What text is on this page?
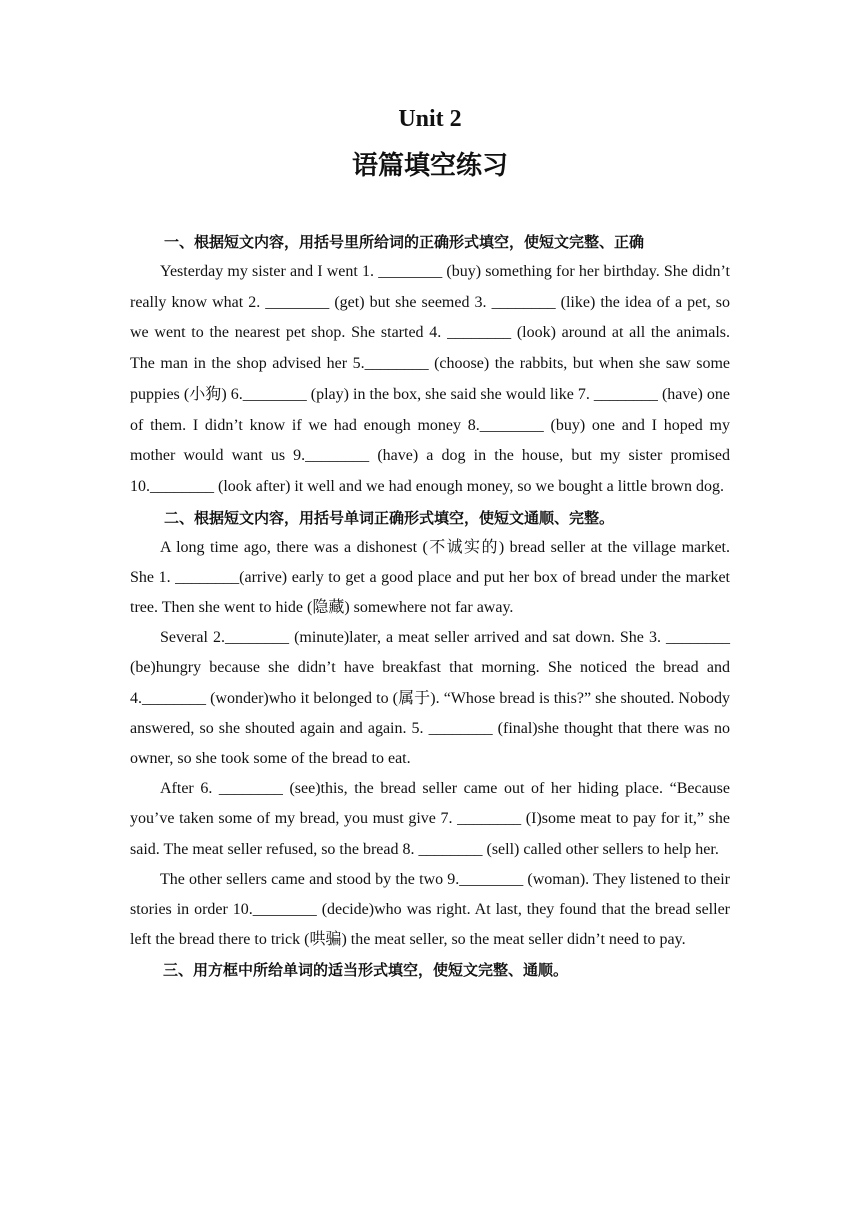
Unit 2
语篇填空练习

一、根据短文内容，用括号里所给词的正确形式填空，使短文完整、正确

Yesterday my sister and I went 1. ________ (buy) something for her birthday. She didn’t really know what 2. ________ (get) but she seemed 3. ________ (like) the idea of a pet, so we went to the nearest pet shop. She started 4. ________ (look) around at all the animals. The man in the shop advised her 5.________ (choose) the rabbits, but when she saw some puppies (小狗) 6.________ (play) in the box, she said she would like 7. ________ (have) one of them. I didn’t know if we had enough money 8.________ (buy) one and I hoped my mother would want us 9.________ (have) a dog in the house, but my sister promised 10.________ (look after) it well and we had enough money, so we bought a little brown dog.

二、根据短文内容，用括号单词正确形式填空，使短文通顺、完整。

A long time ago, there was a dishonest (不诚实的) bread seller at the village market. She 1. ________(arrive) early to get a good place and put her box of bread under the market tree. Then she went to hide (隐藏) somewhere not far away.

Several 2.________ (minute)later, a meat seller arrived and sat down. She 3. ________ (be)hungry because she didn’t have breakfast that morning. She noticed the bread and 4.________ (wonder)who it belonged to (属于). “Whose bread is this?” she shouted. Nobody answered, so she shouted again and again. 5. ________ (final)she thought that there was no owner, so she took some of the bread to eat.

After 6. ________ (see)this, the bread seller came out of her hiding place. “Because you’ve taken some of my bread, you must give 7. ________ (I)some meat to pay for it,” she said. The meat seller refused, so the bread 8. ________ (sell) called other sellers to help her.

The other sellers came and stood by the two 9.________ (woman). They listened to their stories in order 10.________ (decide)who was right. At last, they found that the bread seller left the bread there to trick (哄骗) the meat seller, so the meat seller didn’t need to pay.

三、用方框中所给单词的适当形式填空，使短文完整、通顺。
